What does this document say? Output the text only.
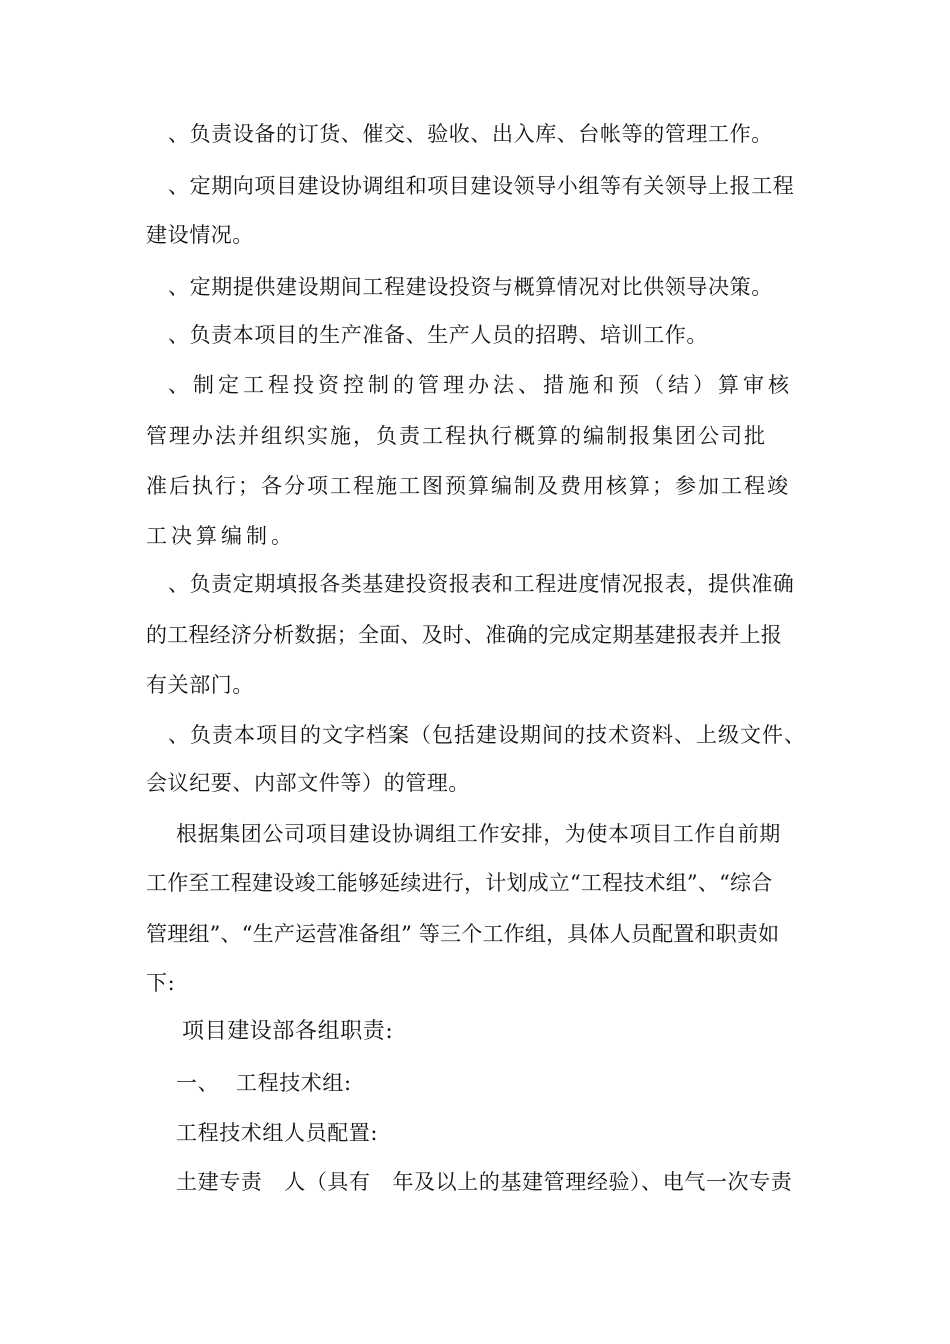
、负责设备的订货、催交、验收、出入库、台帐等的管理工作。
、定期向项目建设协调组和项目建设领导小组等有关领导上报工程
建设情况。
、定期提供建设期间工程建设投资与概算情况对比供领导决策。
、负责本项目的生产准备、生产人员的招聘、培训工作。
、制定工程投资控制的管理办法、措施和预（结）算审核
管理办法并组织实施，负责工程执行概算的编制报集团公司批
准后执行；各分项工程施工图预算编制及费用核算；参加工程竣
工决算编制。
、负责定期填报各类基建投资报表和工程进度情况报表，提供准确
的工程经济分析数据；全面、及时、准确的完成定期基建报表并上报
有关部门。
、负责本项目的文字档案（包括建设期间的技术资料、上级文件、
会议纪要、内部文件等）的管理。
根据集团公司项目建设协调组工作安排，为使本项目工作自前期
工作至工程建设竣工能够延续进行，计划成立“工程技术组”、“综合
管理组”、“生产运营准备组” 等三个工作组，具体人员配置和职责如
下:
项目建设部各组职责:
一、 工程技术组:
工程技术组人员配置:
土建专责   人（具有   年及以上的基建管理经验）、电气一次专责
